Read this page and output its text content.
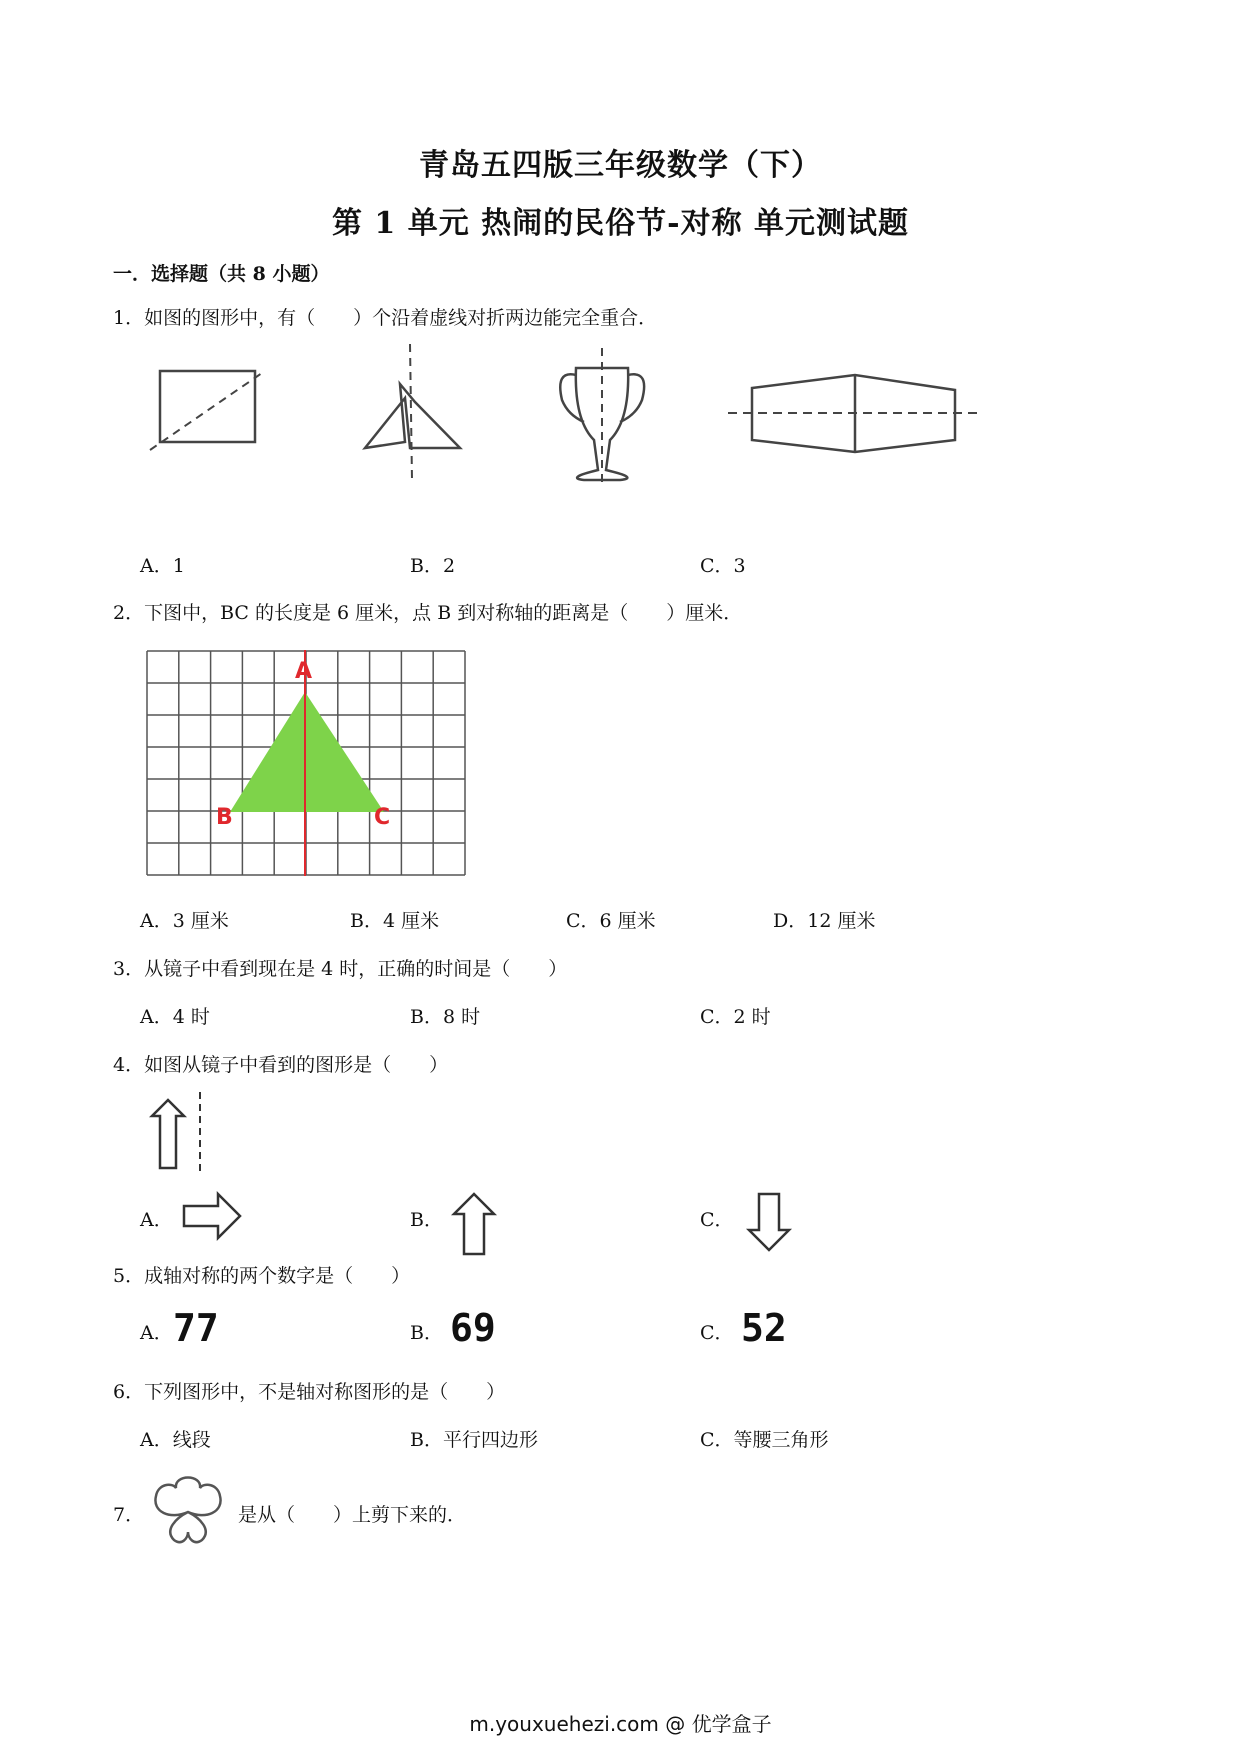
青岛五四版三年级数学（下）
第 1 单元 热闹的民俗节-对称 单元测试题
一．选择题（共 8 小题）
1．如图的图形中，有（　　）个沿着虚线对折两边能完全重合．
A．1	B．2	C．3
2．下图中，BC 的长度是 6 厘米，点 B 到对称轴的距离是（　　）厘米．
A
B	C
A．3 厘米	B．4 厘米	C．6 厘米	D．12 厘米
3．从镜子中看到现在是 4 时，正确的时间是（　　）
A．4 时	B．8 时	C．2 时
4．如图从镜子中看到的图形是（　　）
A．	B．	C．
5．成轴对称的两个数字是（　　）
A． 77	B． 69	C． 52
6．下列图形中，不是轴对称图形的是（　　）
A．线段	B．平行四边形	C．等腰三角形
7．	是从（　　）上剪下来的．
m.youxuehezi.com @ 优学盒子
